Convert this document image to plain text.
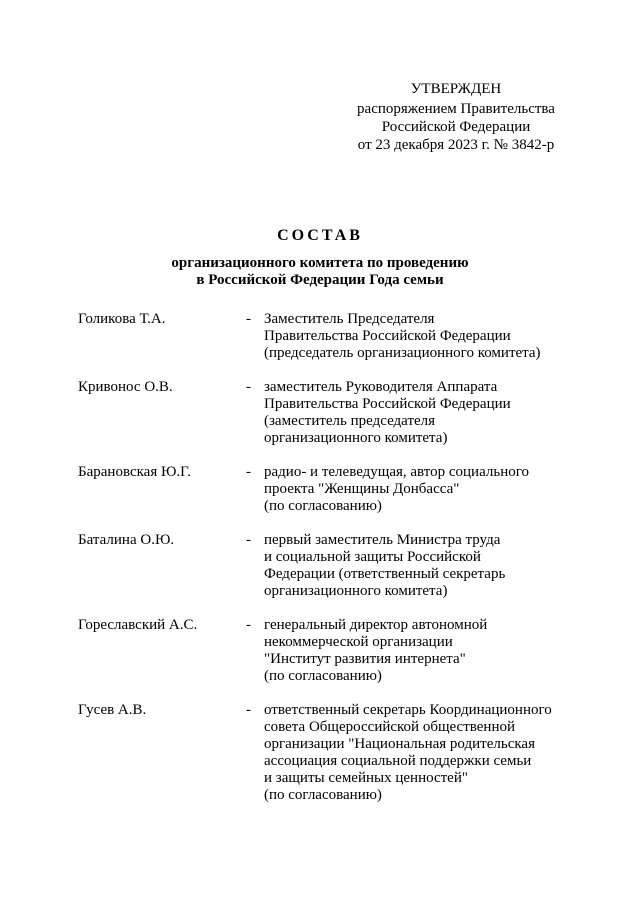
УТВЕРЖДЕН
распоряжением Правительства
Российской Федерации
от 23 декабря 2023 г. № 3842-р
СОСТАВ
организационного комитета по проведению
в Российской Федерации Года семьи
Голикова Т.А.	- Заместитель Председателя
Правительства Российской Федерации
(председатель организационного комитета)
Кривонос О.В.	- заместитель Руководителя Аппарата
Правительства Российской Федерации
(заместитель председателя
организационного комитета)
Барановская Ю.Г.	- радио- и телеведущая, автор социального
проекта "Женщины Донбасса"
(по согласованию)
Баталина О.Ю.	- первый заместитель Министра труда
и социальной защиты Российской
Федерации (ответственный секретарь
организационного комитета)
Гореславский А.С.	- генеральный директор автономной
некоммерческой организации
"Институт развития интернета"
(по согласованию)
Гусев А.В.	- ответственный секретарь Координационного
совета Общероссийской общественной
организации "Национальная родительская
ассоциация социальной поддержки семьи
и защиты семейных ценностей"
(по согласованию)
